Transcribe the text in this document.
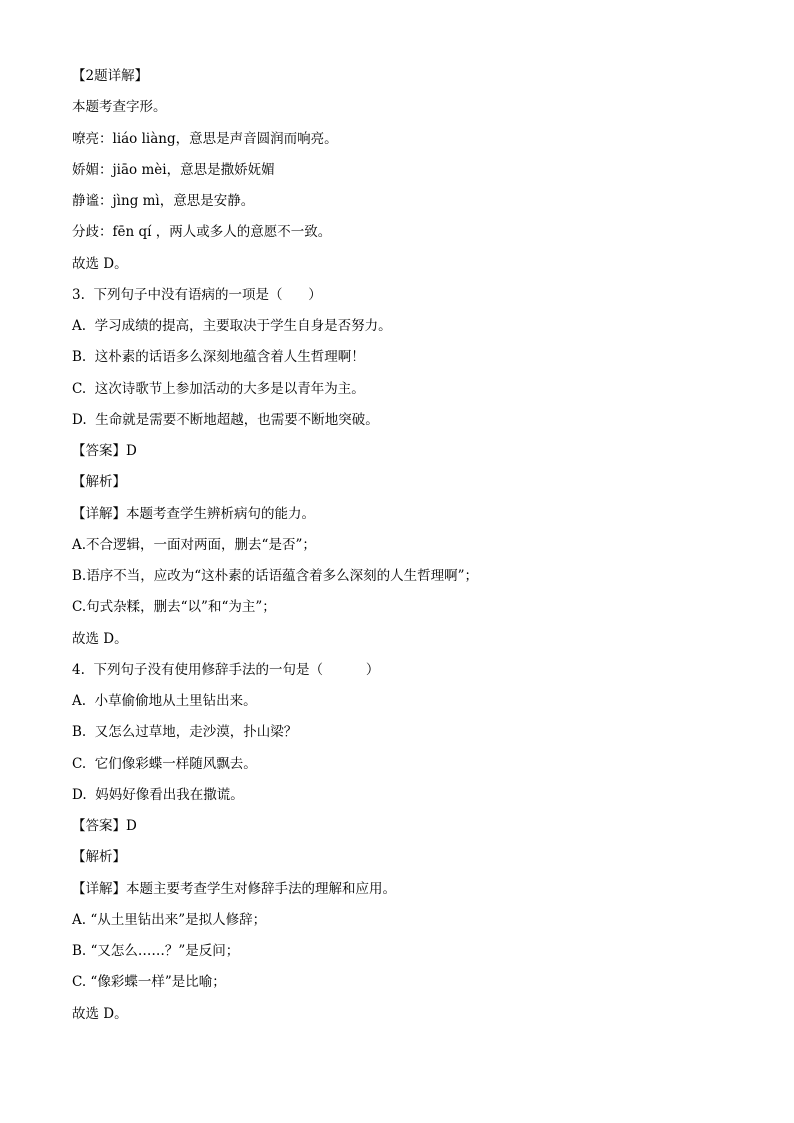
【2题详解】
本题考查字形。
嘹亮：liáo liàng，意思是声音圆润而响亮。
娇媚：jiāo mèi，意思是撒娇妩媚
静谧：jìng mì，意思是安静。
分歧：fēn qí ，两人或多人的意愿不一致。
故选 D。
3.  下列句子中没有语病的一项是（      ）
A.  学习成绩的提高，主要取决于学生自身是否努力。
B.  这朴素的话语多么深刻地蕴含着人生哲理啊！
C.  这次诗歌节上参加活动的大多是以青年为主。
D.  生命就是需要不断地超越，也需要不断地突破。
【答案】D
【解析】
【详解】本题考查学生辨析病句的能力。
A.不合逻辑，一面对两面，删去“是否”；
B.语序不当，应改为“这朴素的话语蕴含着多么深刻的人生哲理啊”；
C.句式杂糅，删去“以”和“为主”；
故选 D。
4.  下列句子没有使用修辞手法的一句是（          ）
A.  小草偷偷地从土里钻出来。
B.  又怎么过草地，走沙漠，扑山梁？
C.  它们像彩蝶一样随风飘去。
D.  妈妈好像看出我在撒谎。
【答案】D
【解析】
【详解】本题主要考查学生对修辞手法的理解和应用。
A. “从土里钻出来”是拟人修辞；
B. “又怎么……？”是反问；
C. “像彩蝶一样”是比喻；
故选 D。
